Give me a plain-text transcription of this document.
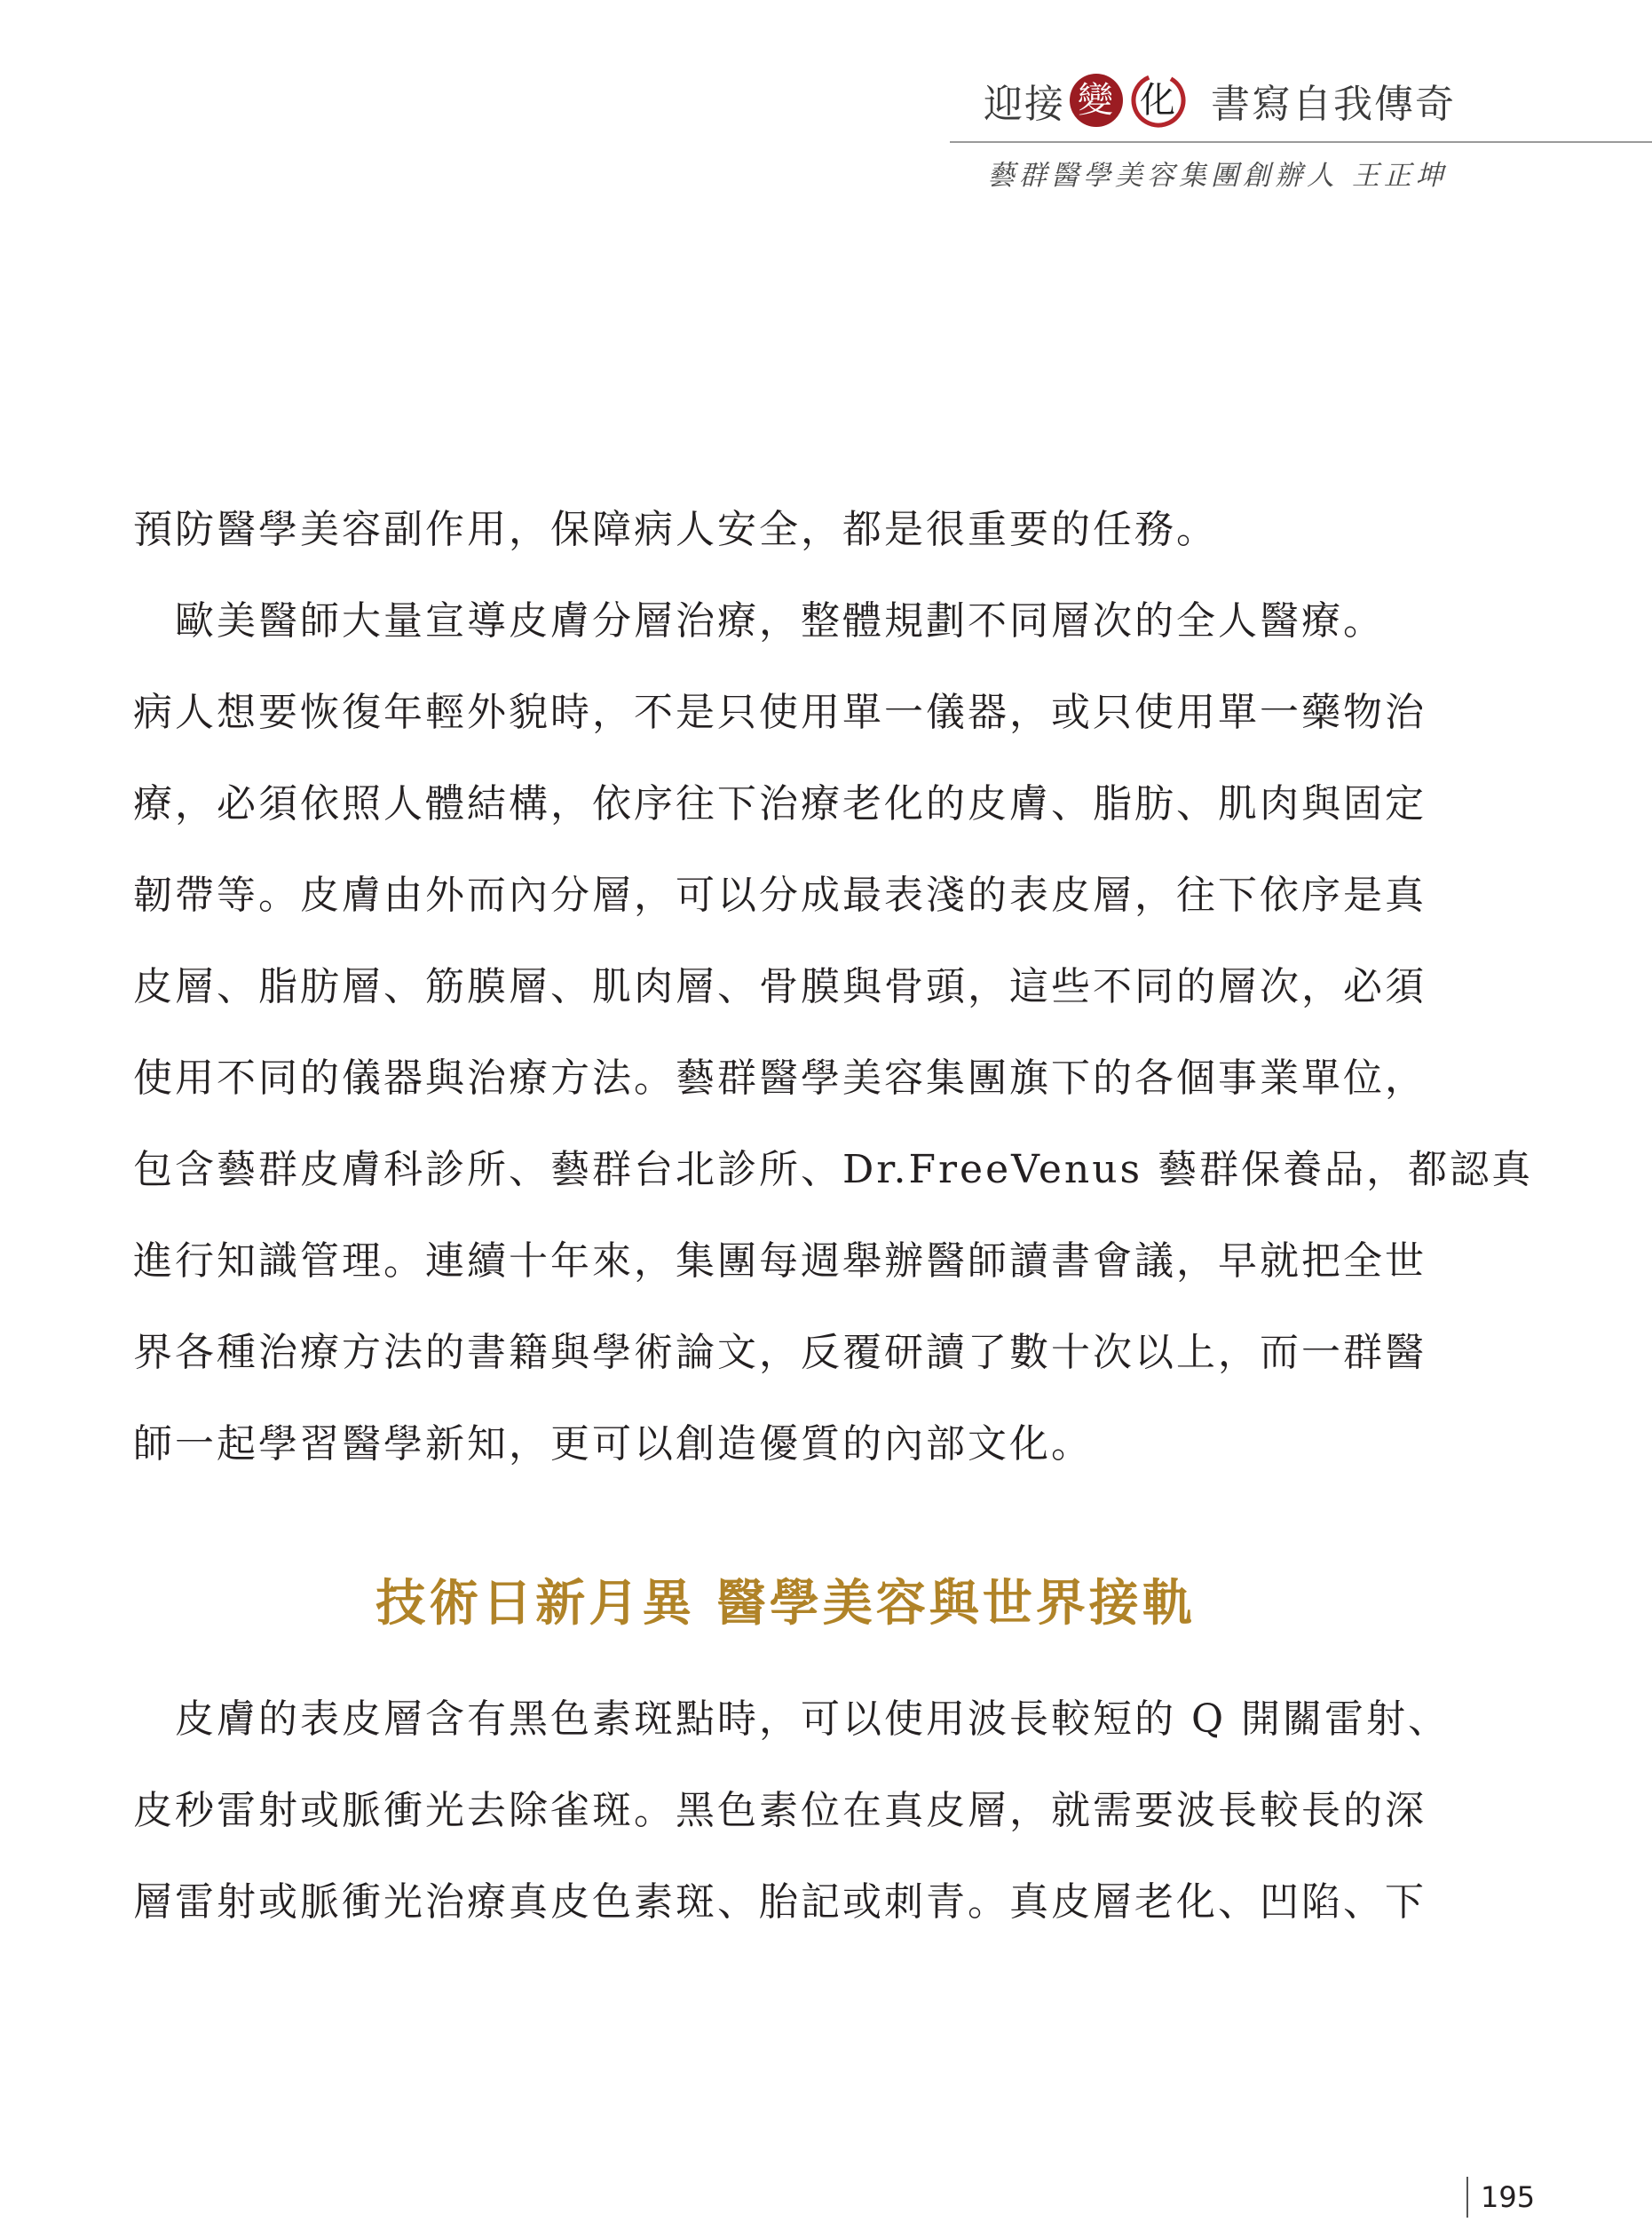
迎接 變 化 書寫自我傳奇
藝群醫學美容集團創辦人 王正坤
預防醫學美容副作用，保障病人安全，都是很重要的任務。
　歐美醫師大量宣導皮膚分層治療，整體規劃不同層次的全人醫療。
病人想要恢復年輕外貌時，不是只使用單一儀器，或只使用單一藥物治
療，必須依照人體結構，依序往下治療老化的皮膚、脂肪、肌肉與固定
韌帶等。皮膚由外而內分層，可以分成最表淺的表皮層，往下依序是真
皮層、脂肪層、筋膜層、肌肉層、骨膜與骨頭，這些不同的層次，必須
使用不同的儀器與治療方法。藝群醫學美容集團旗下的各個事業單位，
包含藝群皮膚科診所、藝群台北診所、Dr.FreeVenus 藝群保養品，都認真
進行知識管理。連續十年來，集團每週舉辦醫師讀書會議，早就把全世
界各種治療方法的書籍與學術論文，反覆研讀了數十次以上，而一群醫
師一起學習醫學新知，更可以創造優質的內部文化。
技術日新月異 醫學美容與世界接軌
　皮膚的表皮層含有黑色素斑點時，可以使用波長較短的 Q 開關雷射、
皮秒雷射或脈衝光去除雀斑。黑色素位在真皮層，就需要波長較長的深
層雷射或脈衝光治療真皮色素斑、胎記或刺青。真皮層老化、凹陷、下
195
